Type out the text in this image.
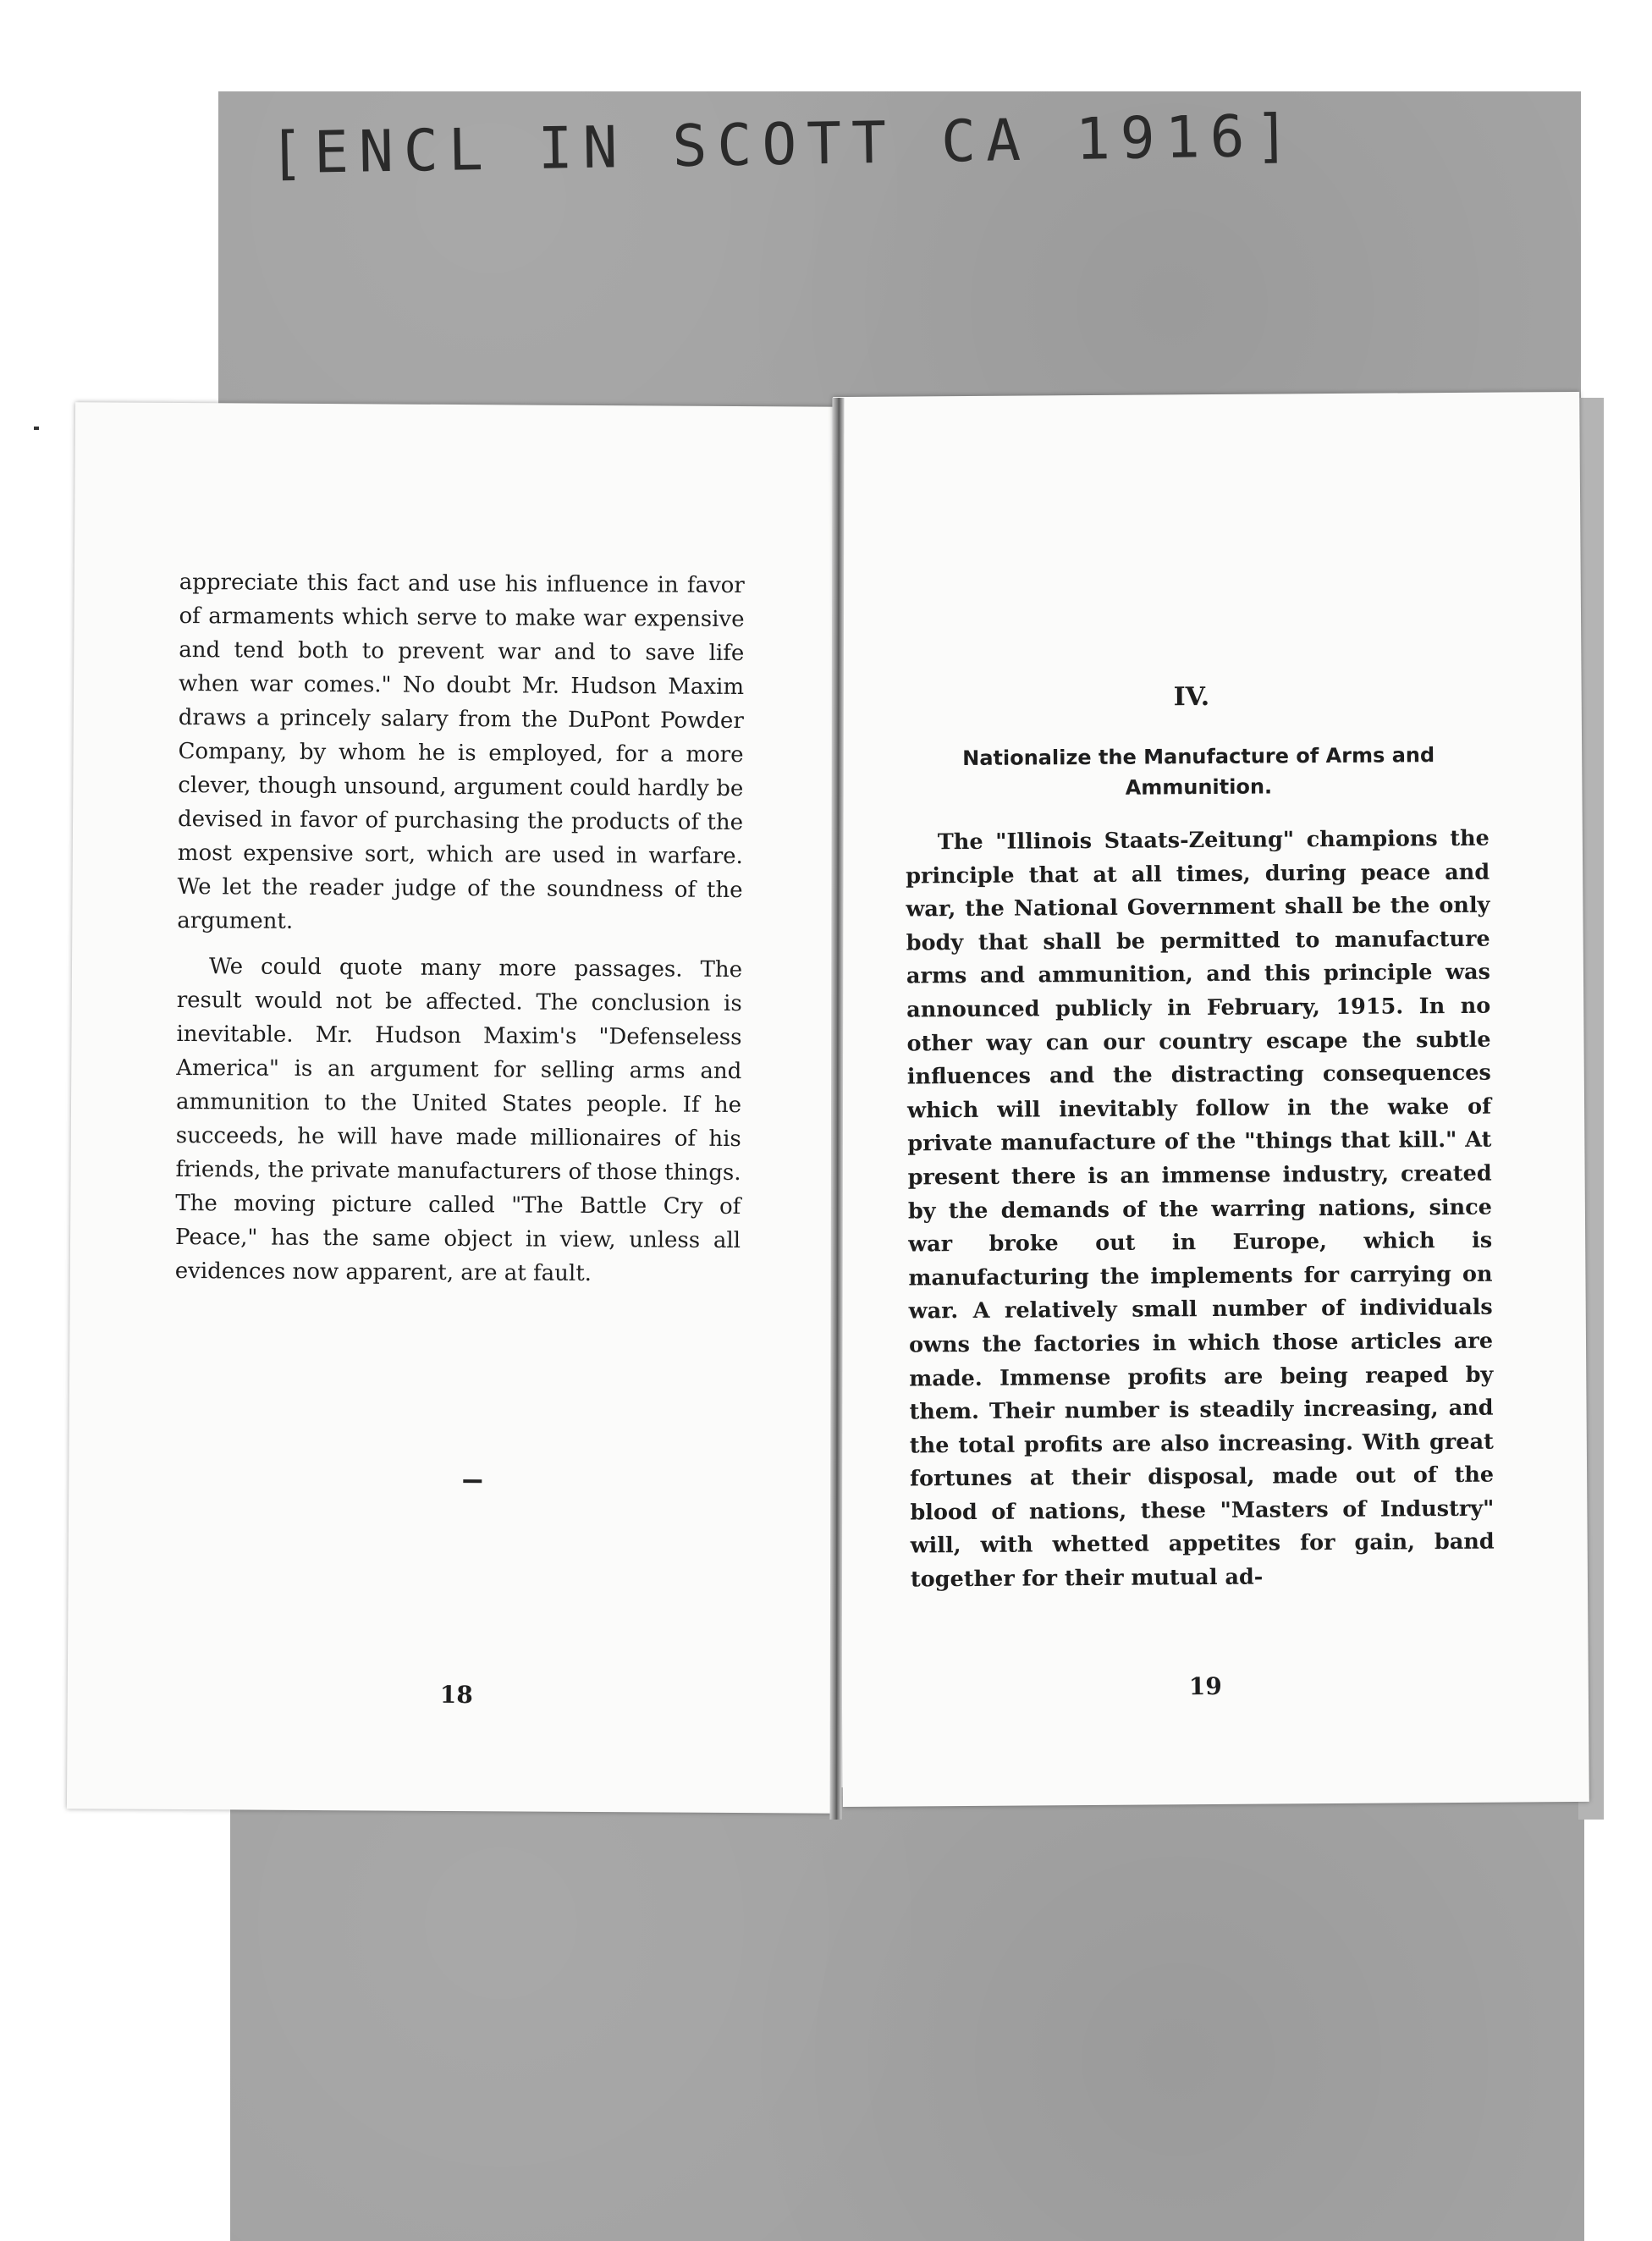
[ENCL IN SCOTT CA 1916]

appreciate this fact and use his influence in favor of armaments which serve to make war expensive and tend both to prevent war and to save life when war comes." No doubt Mr. Hudson Maxim draws a princely salary from the DuPont Powder Company, by whom he is employed, for a more clever, though unsound, argument could hardly be devised in favor of purchasing the products of the most expensive sort, which are used in warfare. We let the reader judge of the soundness of the argument.

We could quote many more passages. The result would not be affected. The conclusion is inevitable. Mr. Hudson Maxim's "Defenseless America" is an argument for selling arms and ammunition to the United States people. If he succeeds, he will have made millionaires of his friends, the private manufacturers of those things. The moving picture called "The Battle Cry of Peace," has the same object in view, unless all evidences now apparent, are at fault.

18
IV.
Nationalize the Manufacture of Arms and Ammunition.

The "Illinois Staats-Zeitung" champions the principle that at all times, during peace and war, the National Government shall be the only body that shall be permitted to manufacture arms and ammunition, and this principle was announced publicly in February, 1915. In no other way can our country escape the subtle influences and the distracting consequences which will inevitably follow in the wake of private manufacture of the "things that kill." At present there is an immense industry, created by the demands of the warring nations, since war broke out in Europe, which is manufacturing the implements for carrying on war. A relatively small number of individuals owns the factories in which those articles are made. Immense profits are being reaped by them. Their number is steadily increasing, and the total profits are also increasing. With great fortunes at their disposal, made out of the blood of nations, these "Masters of Industry" will, with whetted appetites for gain, band together for their mutual ad-

19
